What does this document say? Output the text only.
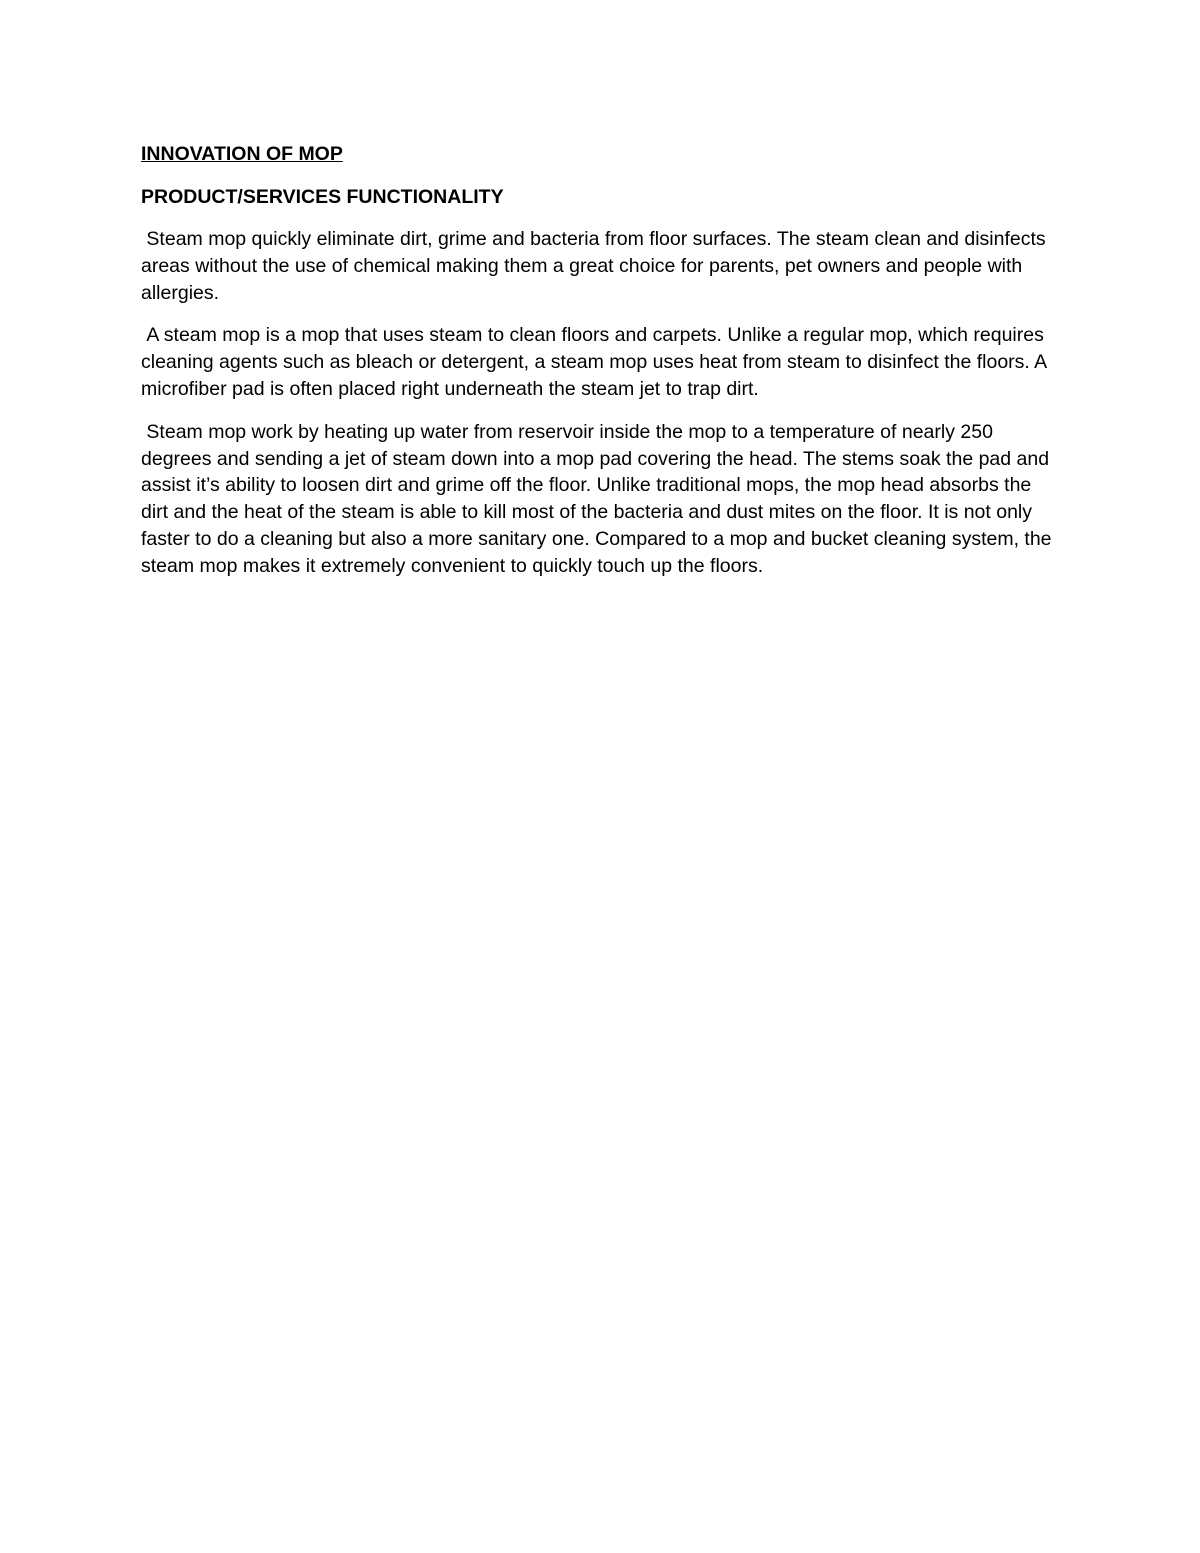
INNOVATION OF MOP
PRODUCT/SERVICES FUNCTIONALITY

Steam mop quickly eliminate dirt, grime and bacteria from floor surfaces. The steam clean and disinfects areas without the use of chemical making them a great choice for parents, pet owners and people with allergies.

A steam mop is a mop that uses steam to clean floors and carpets. Unlike a regular mop, which requires cleaning agents such as bleach or detergent, a steam mop uses heat from steam to disinfect the floors. A microfiber pad is often placed right underneath the steam jet to trap dirt.

Steam mop work by heating up water from reservoir inside the mop to a temperature of nearly 250 degrees and sending a jet of steam down into a mop pad covering the head. The stems soak the pad and assist it’s ability to loosen dirt and grime off the floor. Unlike traditional mops, the mop head absorbs the dirt and the heat of the steam is able to kill most of the bacteria and dust mites on the floor. It is not only faster to do a cleaning but also a more sanitary one. Compared to a mop and bucket cleaning system, the steam mop makes it extremely convenient to quickly touch up the floors.
